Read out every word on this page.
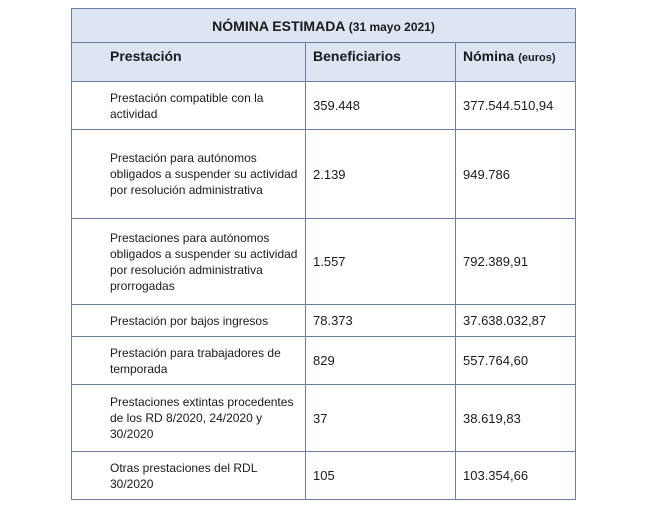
NÓMINA ESTIMADA (31 mayo 2021)		

Prestación	Beneficiarios	Nómina (euros)

Prestación compatible con la actividad	359.448	377.544.510,94
Prestación para autónomos obligados a suspender su actividad por resolución administrativa	2.139	949.786
Prestaciones para autónomos obligados a suspender su actividad por resolución administrativa prorrogadas	1.557	792.389,91
Prestación por bajos ingresos	78.373	37.638.032,87
Prestación para trabajadores de temporada	829	557.764,60
Prestaciones extintas procedentes de los RD 8/2020, 24/2020 y 30/2020	37	38.619,83
Otras prestaciones del RDL 30/2020	105	103.354,66
